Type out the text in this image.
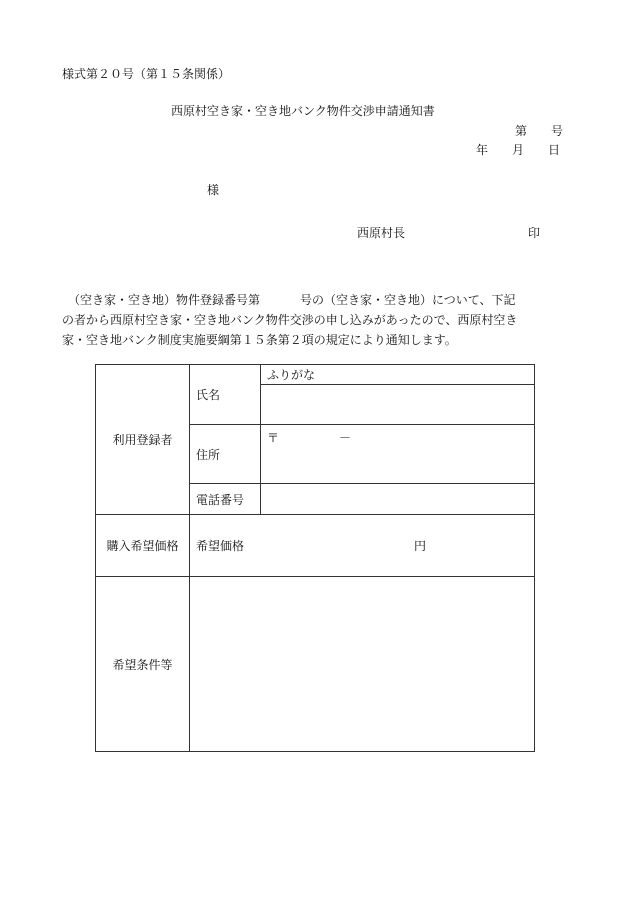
様式第２０号（第１５条関係）
西原村空き家・空き地バンク物件交渉申請通知書
第 号
年 月 日
様
西原村長	印

　（空き家・空き地）物件登録番号第	号の（空き家・空き地）について、下記

の者から西原村空き家・空き地バンク物件交渉の申し込みがあったので、西原村空き

家・空き地バンク制度実施要綱第１５条第２項の規定により通知します。

利用登録者	氏名	ふりがな

	住所	〒 －
	電話番号	

購入希望価格	希望価格 円	
希望条件等		
